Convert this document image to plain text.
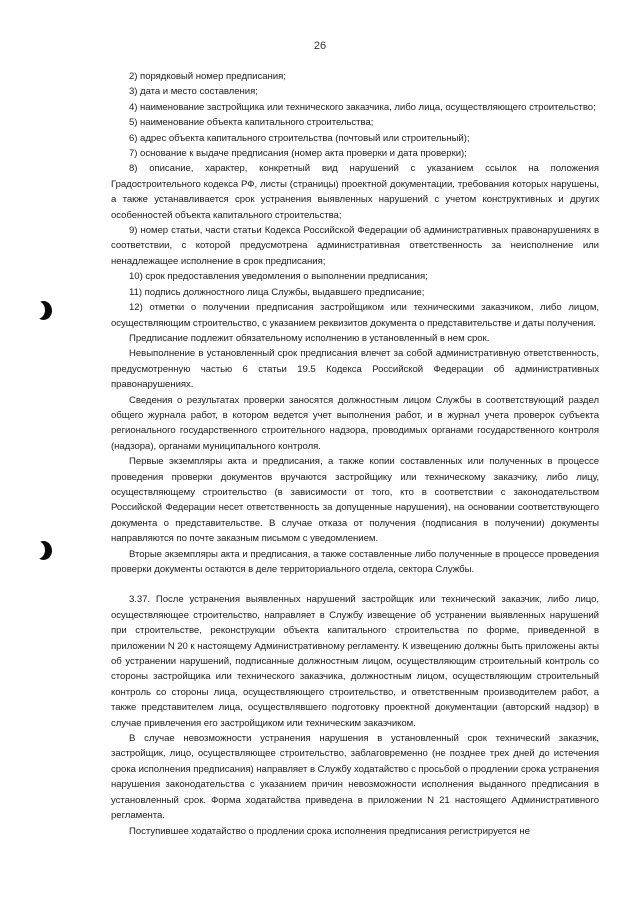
26

2) порядковый номер предписания;

3) дата и место составления;

4) наименование застройщика или технического заказчика, либо лица, осуществляющего строительство;

5) наименование объекта капитального строительства;

6) адрес объекта капитального строительства (почтовый или строительный);

7) основание к выдаче предписания (номер акта проверки и дата проверки);

8) описание, характер, конкретный вид нарушений с указанием ссылок на положения Градостроительного кодекса РФ, листы (страницы) проектной документации, требования которых нарушены, а также устанавливается срок устранения выявленных нарушений с учетом конструктивных и других особенностей объекта капитального строительства;

9) номер статьи, части статьи Кодекса Российской Федерации об административных правонарушениях в соответствии, с которой предусмотрена административная ответственность за неисполнение или ненадлежащее исполнение в срок предписания;

10) срок предоставления уведомления о выполнении предписания;

11) подпись должностного лица Службы, выдавшего предписание;

12) отметки о получении предписания застройщиком или техническими заказчиком, либо лицом, осуществляющим строительство, с указанием реквизитов документа о представительстве и даты получения.

Предписание подлежит обязательному исполнению в установленный в нем срок.

Невыполнение в установленный срок предписания влечет за собой административную ответственность, предусмотренную частью 6 статьи 19.5 Кодекса Российской Федерации об административных правонарушениях.

Сведения о результатах проверки заносятся должностным лицом Службы в соответствующий раздел общего журнала работ, в котором ведется учет выполнения работ, и в журнал учета проверок субъекта регионального государственного строительного надзора, проводимых органами государственного контроля (надзора), органами муниципального контроля.

Первые экземпляры акта и предписания, а также копии составленных или полученных в процессе проведения проверки документов вручаются застройщику или техническому заказчику, либо лицу, осуществляющему строительство (в зависимости от того, кто в соответствии с законодательством Российской Федерации несет ответственность за допущенные нарушения), на основании соответствующего документа о представительстве. В случае отказа от получения (подписания в получении) документы направляются по почте заказным письмом с уведомлением.

Вторые экземпляры акта и предписания, а также составленные либо полученные в процессе проведения проверки документы остаются в деле территориального отдела, сектора Службы.

3.37. После устранения выявленных нарушений застройщик или технический заказчик, либо лицо, осуществляющее строительство, направляет в Службу извещение об устранении выявленных нарушений при строительстве, реконструкции объекта капитального строительства по форме, приведенной в приложении N 20 к настоящему Административному регламенту. К извещению должны быть приложены акты об устранении нарушений, подписанные должностным лицом, осуществляющим строительный контроль со стороны застройщика или технического заказчика, должностным лицом, осуществляющим строительный контроль со стороны лица, осуществляющего строительство, и ответственным производителем работ, а также представителем лица, осуществлявшего подготовку проектной документации (авторский надзор) в случае привлечения его застройщиком или техническим заказчиком.

В случае невозможности устранения нарушения в установленный срок технический заказчик, застройщик, лицо, осуществляющее строительство, заблаговременно (не позднее трех дней до истечения срока исполнения предписания) направляет в Службу ходатайство с просьбой о продлении срока устранения нарушения законодательства с указанием причин невозможности исполнения выданного предписания в установленный срок. Форма ходатайства приведена в приложении N 21 настоящего Административного регламента.

Поступившее ходатайство о продлении срока исполнения предписания регистрируется не
